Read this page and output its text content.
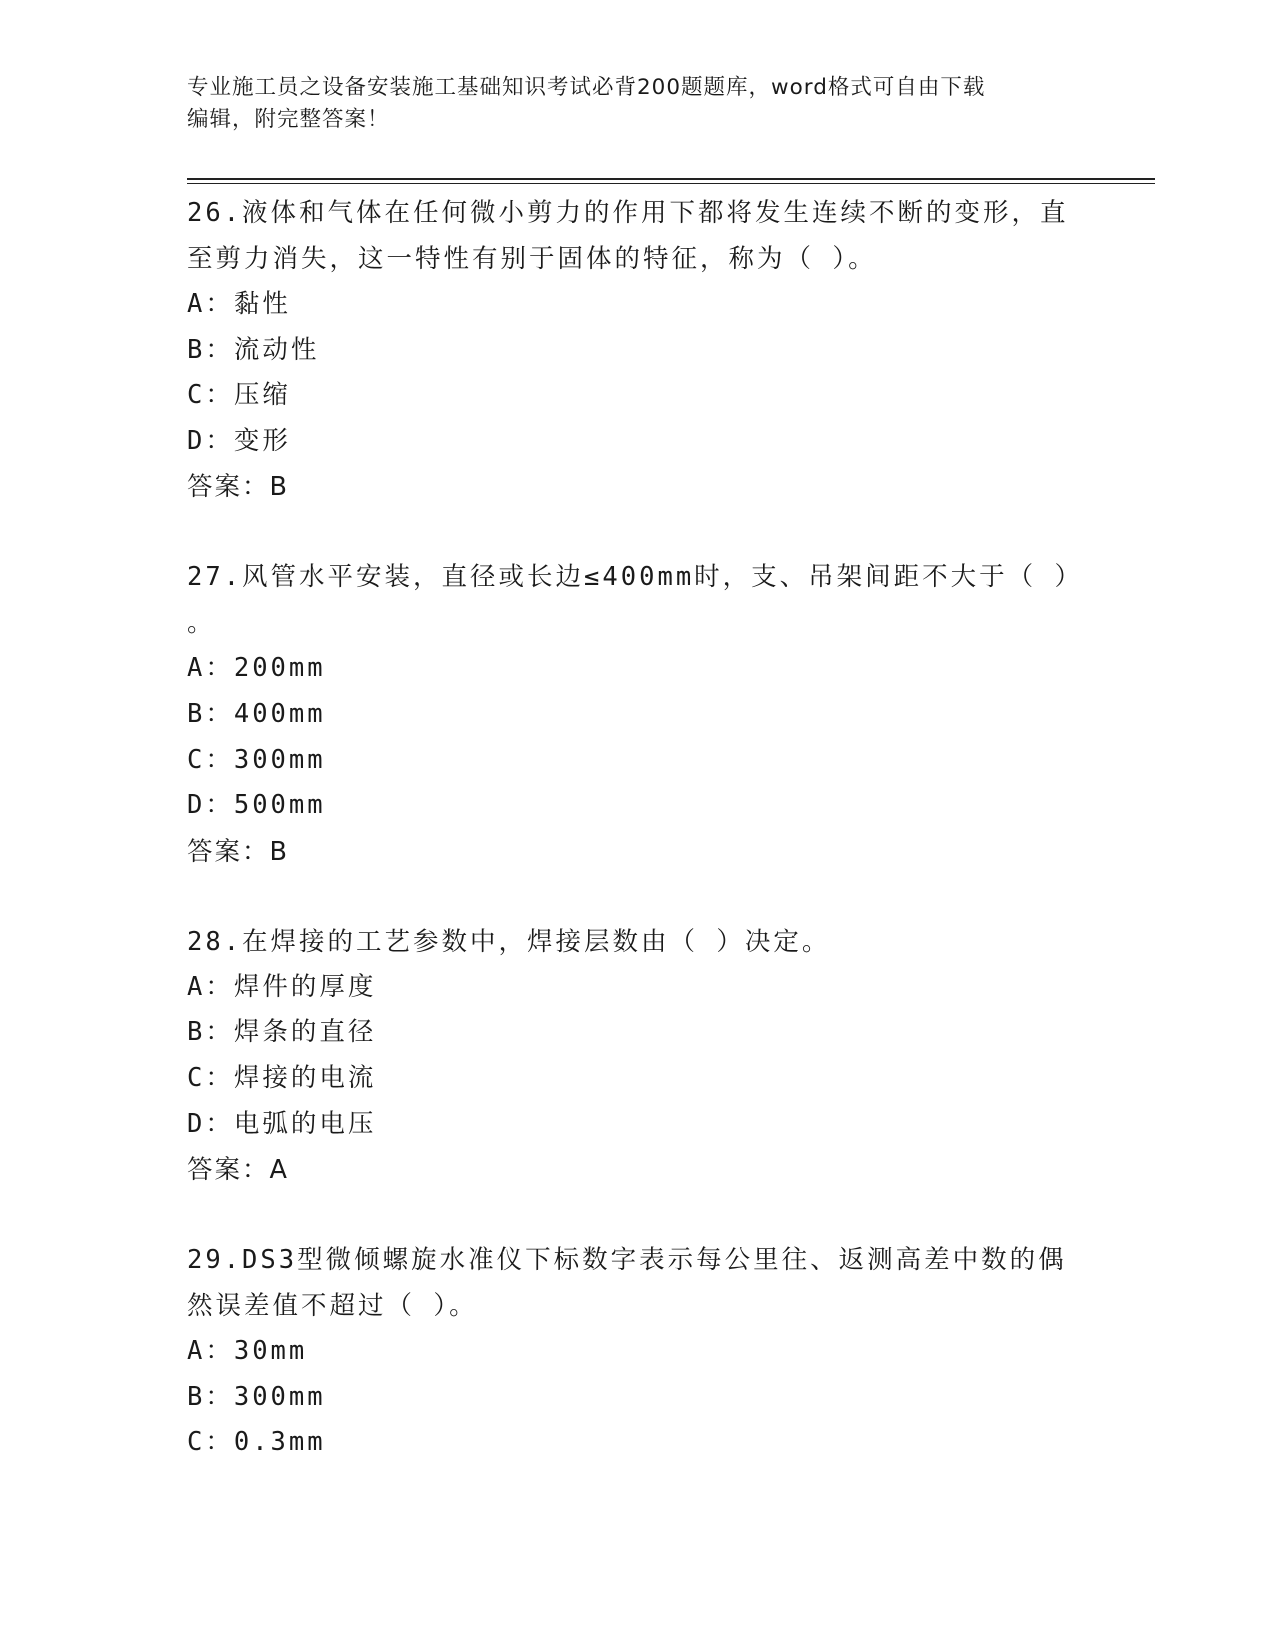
专业施工员之设备安装施工基础知识考试必背200题题库，word格式可自由下载
编辑，附完整答案！
26.液体和气体在任何微小剪力的作用下都将发生连续不断的变形，直
至剪力消失，这一特性有别于固体的特征，称为（ ）。
A：黏性
B：流动性
C：压缩
D：变形
答案：B
27.风管水平安装，直径或长边≤400mm时，支、吊架间距不大于（ ）
。
A：200mm
B：400mm
C：300mm
D：500mm
答案：B
28.在焊接的工艺参数中，焊接层数由（ ）决定。
A：焊件的厚度
B：焊条的直径
C：焊接的电流
D：电弧的电压
答案：A
29.DS3型微倾螺旋水准仪下标数字表示每公里往、返测高差中数的偶
然误差值不超过（ ）。
A：30mm
B：300mm
C：0.3mm
